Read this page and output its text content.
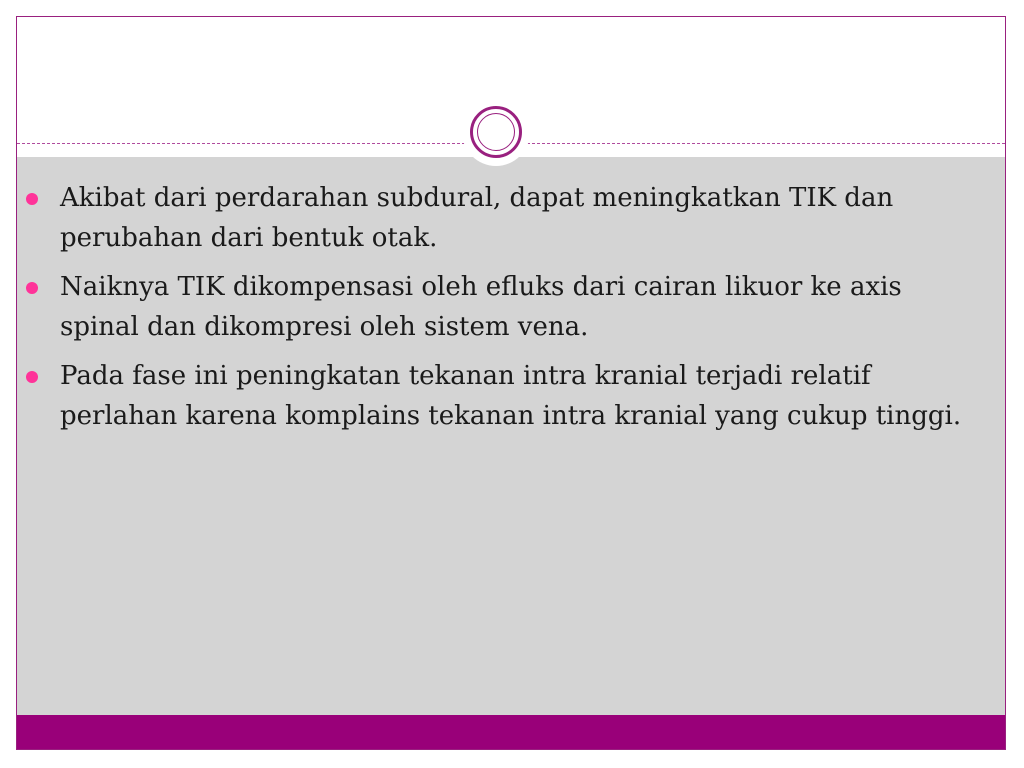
Akibat dari perdarahan subdural, dapat meningkatkan TIK dan perubahan dari bentuk otak.
Naiknya TIK dikompensasi oleh efluks dari cairan likuor ke axis spinal dan dikompresi oleh sistem vena.
Pada fase ini peningkatan tekanan intra kranial terjadi relatif perlahan karena komplains tekanan intra kranial yang cukup tinggi.
